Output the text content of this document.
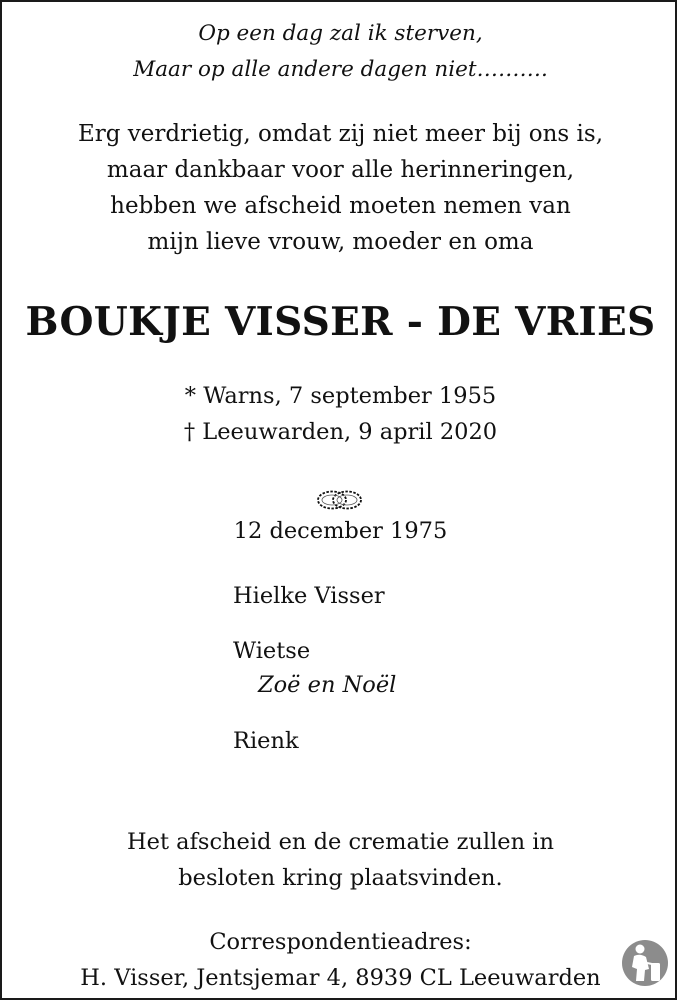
Op een dag zal ik sterven,
Maar op alle andere dagen niet……….
Erg verdrietig, omdat zij niet meer bij ons is,
maar dankbaar voor alle herinneringen,
hebben we afscheid moeten nemen van
mijn lieve vrouw, moeder en oma
BOUKJE VISSER - DE VRIES
* Warns, 7 september 1955
† Leeuwarden, 9 april 2020
12 december 1975
Hielke Visser
Wietse
Zoë en Noël
Rienk
Het afscheid en de crematie zullen in
besloten kring plaatsvinden.
Correspondentieadres:
H. Visser, Jentsjemar 4, 8939 CL Leeuwarden
